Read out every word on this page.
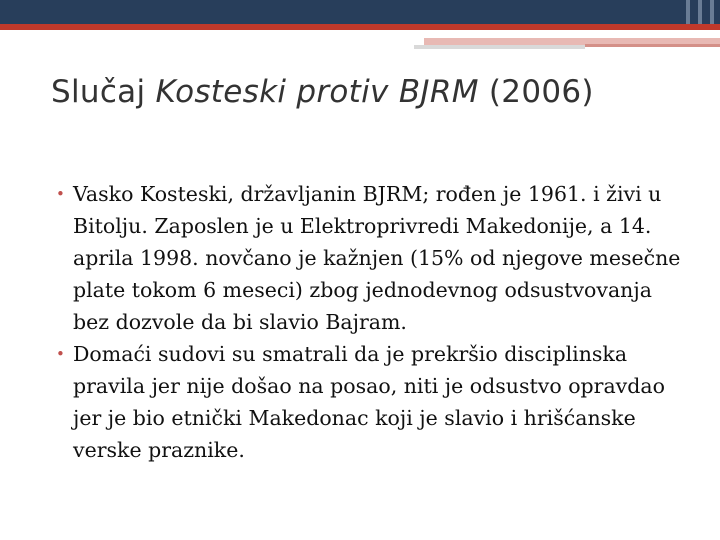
Slučaj Kosteski protiv BJRM (2006)
• Vasko Kosteski, državljanin BJRM; rođen je 1961. i živi u Bitolju. Zaposlen je u Elektroprivredi Makedonije, a 14. aprila 1998. novčano je kažnjen (15% od njegove mesečne plate tokom 6 meseci) zbog jednodevnog odsustvovanja bez dozvole da bi slavio Bajram.
• Domaći sudovi su smatrali da je prekršio disciplinska pravila jer nije došao na posao, niti je odsustvo opravdao jer je bio etnički Makedonac koji je slavio i hrišćanske verske praznike.
